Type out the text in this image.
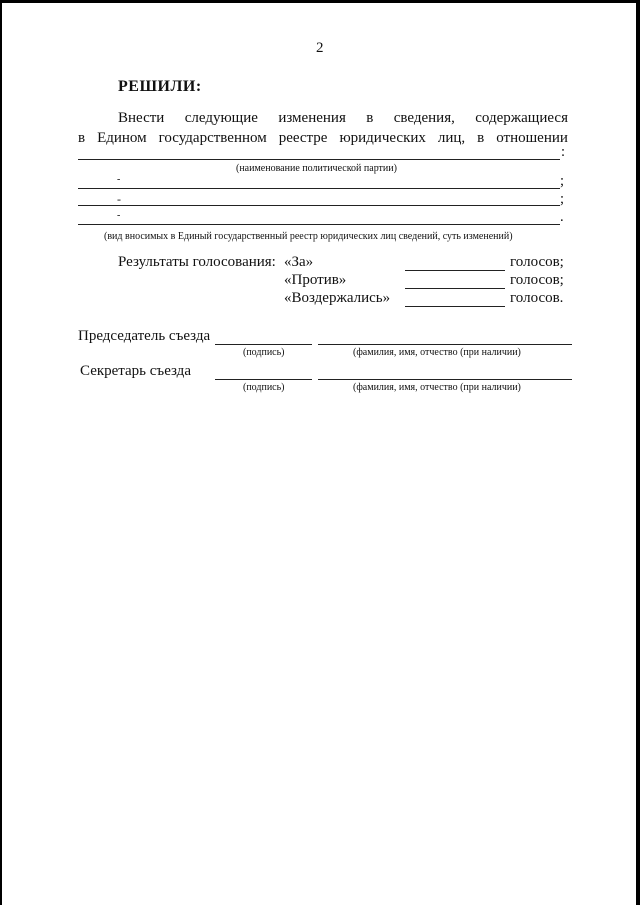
2
РЕШИЛИ:
Внести следующие изменения в сведения, содержащиеся
в Едином государственном реестре юридических лиц, в отношении
:
(наименование политической партии)
-	;
-	;
-	.
(вид вносимых в Единый государственный реестр юридических лиц сведений, суть изменений)
Результаты голосования: «За»	голосов;
«Против»	голосов;
«Воздержались»	голосов.
Председатель съезда
(подпись)	(фамилия, имя, отчество (при наличии)
Секретарь съезда
(подпись)	(фамилия, имя, отчество (при наличии)
